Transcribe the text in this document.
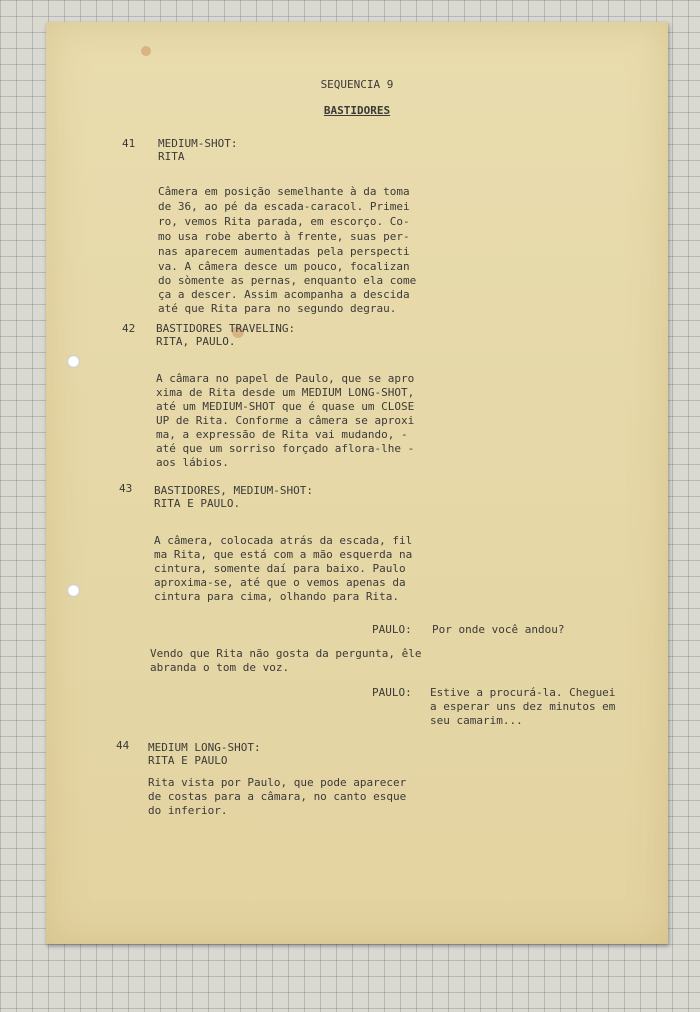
SEQUENCIA 9
BASTIDORES
41 MEDIUM-SHOT:
RITA
Câmera em posição semelhante à da toma
de 36, ao pé da escada-caracol. Primei
ro, vemos Rita parada, em escorço. Co-
mo usa robe aberto à frente, suas per-
nas aparecem aumentadas pela perspecti
va. A câmera desce um pouco, focalizan
do sòmente as pernas, enquanto ela come
ça a descer. Assim acompanha a descida
até que Rita para no segundo degrau.
42 BASTIDORES TRAVELING:
RITA, PAULO.
A câmara no papel de Paulo, que se apro
xima de Rita desde um MEDIUM LONG-SHOT,
até um MEDIUM-SHOT que é quase um CLOSE
UP de Rita. Conforme a câmera se aproxi
ma, a expressão de Rita vai mudando, -
até que um sorriso forçado aflora-lhe -
aos lábios.
43 BASTIDORES, MEDIUM-SHOT:
RITA E PAULO.
A câmera, colocada atrás da escada, fil
ma Rita, que está com a mão esquerda na
cintura, somente daí para baixo. Paulo
aproxima-se, até que o vemos apenas da
cintura para cima, olhando para Rita.
PAULO: Por onde você andou?
Vendo que Rita não gosta da pergunta, êle
abranda o tom de voz.
PAULO: Estive a procurá-la. Cheguei
a esperar uns dez minutos em
seu camarim...
44 MEDIUM LONG-SHOT:
RITA E PAULO
Rita vista por Paulo, que pode aparecer
de costas para a câmara, no canto esque
do inferior.
